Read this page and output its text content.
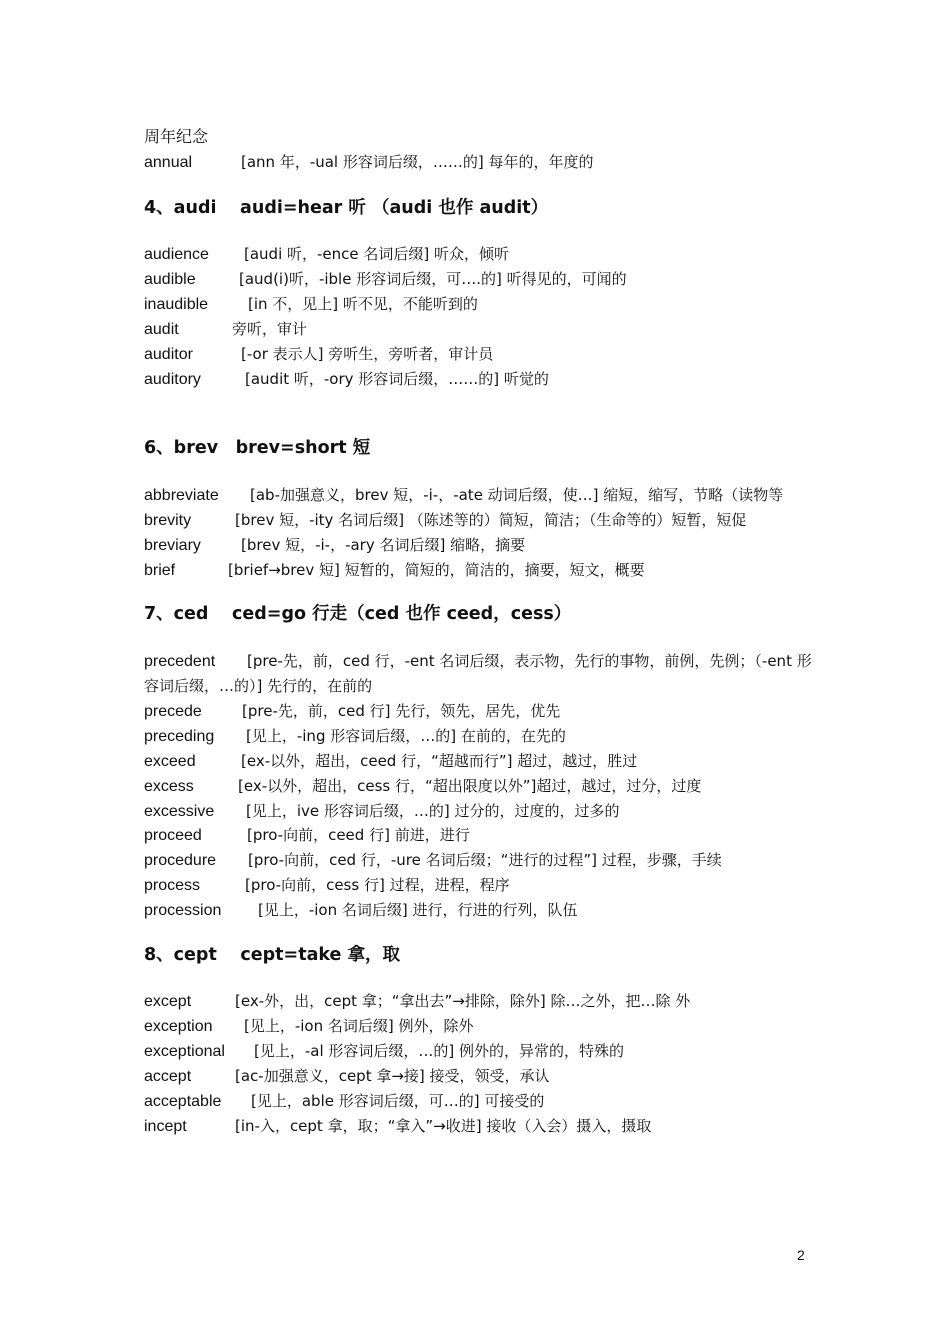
周年纪念
annual	[ann 年，-ual 形容词后缀，……的] 每年的，年度的
4、audi　 audi=hear 听 （audi 也作 audit）
audience [audi 听，-ence 名词后缀] 听众，倾听
audible	[aud(i)听，-ible 形容词后缀，可….的] 听得见的，可闻的
inaudible	[in 不，见上] 听不见，不能听到的
audit	旁听，审计
auditor	[-or 表示人] 旁听生，旁听者，审计员
auditory	[audit 听，-ory 形容词后缀，……的] 听觉的
6、brev　brev=short 短
abbreviate [ab-加强意义，brev 短，-i-，-ate 动词后缀，使…] 缩短，缩写，节略（读物等
brevity	[brev 短，-ity 名词后缀] （陈述等的）简短，简洁；（生命等的）短暂，短促
breviary	[brev 短，-i-，-ary 名词后缀] 缩略，摘要
brief	[brief→brev 短] 短暂的，简短的，简洁的，摘要，短文，概要
7、ced　 ced=go 行走（ced 也作 ceed，cess）
precedent [pre-先，前，ced 行，-ent 名词后缀，表示物，先行的事物，前例，先例；（-ent 形
容词后缀，…的）] 先行的，在前的
precede	[pre-先，前，ced 行] 先行，领先，居先，优先
preceding [见上，-ing 形容词后缀，…的] 在前的，在先的
exceed	[ex-以外，超出，ceed 行，“超越而行”] 超过，越过，胜过
excess	[ex-以外，超出，cess 行，“超出限度以外”]超过，越过，过分，过度
excessive [见上，ive 形容词后缀，…的] 过分的，过度的，过多的
proceed	[pro-向前，ceed 行] 前进，进行
procedure [pro-向前，ced 行，-ure 名词后缀；“进行的过程”] 过程，步骤，手续
process	[pro-向前，cess 行] 过程，进程，程序
procession [见上，-ion 名词后缀] 进行，行进的行列，队伍
8、cept　 cept=take 拿，取
except	[ex-外，出，cept 拿；“拿出去”→排除，除外] 除…之外，把…除 外
exception [见上，-ion 名词后缀] 例外，除外
exceptional [见上，-al 形容词后缀，…的] 例外的，异常的，特殊的
accept	[ac-加强意义，cept 拿→接] 接受，领受，承认
acceptable [见上，able 形容词后缀，可…的] 可接受的
incept	[in-入，cept 拿，取；“拿入”→收进] 接收（入会）摄入，摄取
2
